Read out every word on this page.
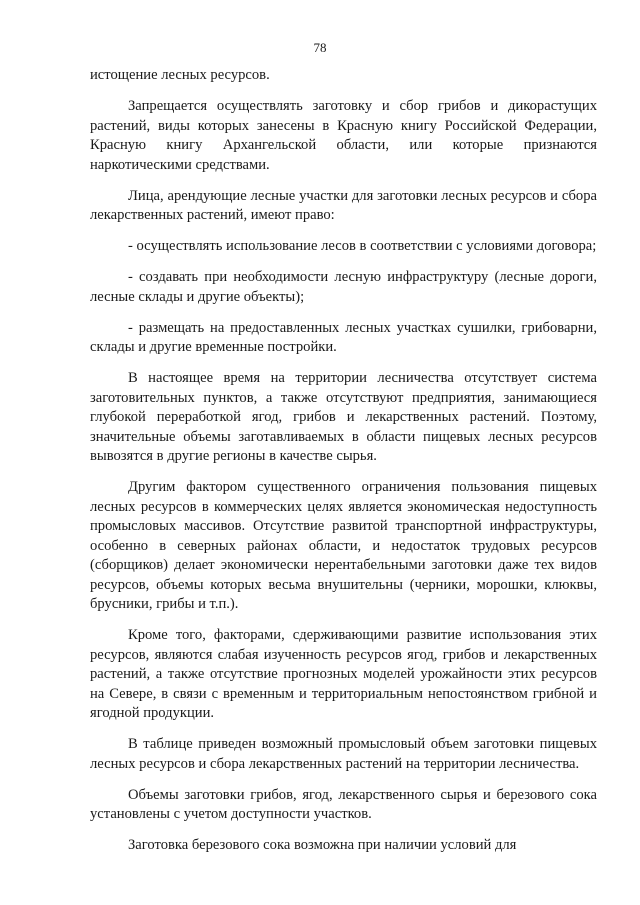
78

истощение лесных ресурсов.

Запрещается осуществлять заготовку и сбор грибов и дикорастущих растений, виды которых занесены в Красную книгу Российской Федерации, Красную книгу Архангельской области, или которые признаются наркотическими средствами.

Лица, арендующие лесные участки для заготовки лесных ресурсов и сбора лекарственных растений, имеют право:

- осуществлять использование лесов в соответствии с условиями договора;

- создавать при необходимости лесную инфраструктуру (лесные дороги, лесные склады и другие объекты);

- размещать на предоставленных лесных участках сушилки, грибоварни, склады и другие временные постройки.

В настоящее время на территории лесничества отсутствует система заготовительных пунктов, а также отсутствуют предприятия, занимающиеся глубокой переработкой ягод, грибов и лекарственных растений. Поэтому, значительные объемы заготавливаемых в области пищевых лесных ресурсов вывозятся в другие регионы в качестве сырья.

Другим фактором существенного ограничения пользования пищевых лесных ресурсов в коммерческих целях является экономическая недоступность промысловых массивов. Отсутствие развитой транспортной инфраструктуры, особенно в северных районах области, и недостаток трудовых ресурсов (сборщиков) делает экономически нерентабельными заготовки даже тех видов ресурсов, объемы которых весьма внушительны (черники, морошки, клюквы, брусники, грибы и т.п.).

Кроме того, факторами, сдерживающими развитие использования этих ресурсов, являются слабая изученность ресурсов ягод, грибов и лекарственных растений, а также отсутствие прогнозных моделей урожайности этих ресурсов на Севере, в связи с временным и территориальным непостоянством грибной и ягодной продукции.

В таблице приведен возможный промысловый объем заготовки пищевых лесных ресурсов и сбора лекарственных растений на территории лесничества.

Объемы заготовки грибов, ягод, лекарственного сырья и березового сока установлены с учетом доступности участков.

Заготовка березового сока возможна при наличии условий для
